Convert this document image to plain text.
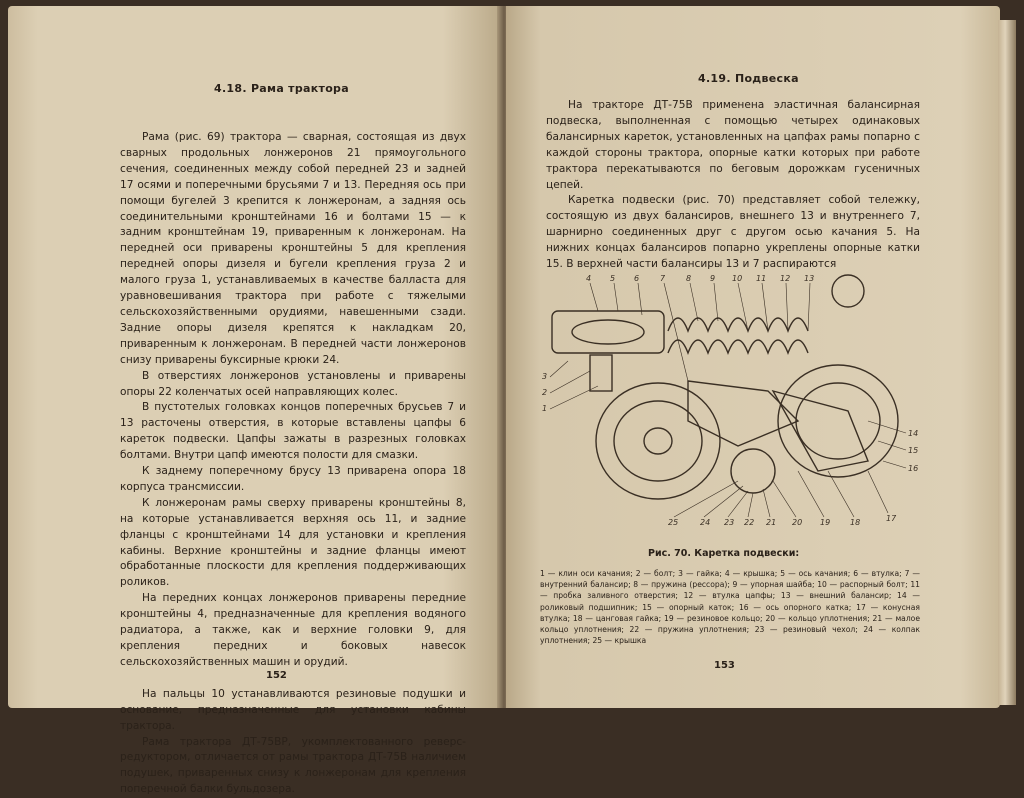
4.18. Рама трактора

Рама (рис. 69) трактора — сварная, состоящая из двух сварных продольных лонжеронов 21 прямоугольного сечения, соединенных между собой передней 23 и задней 17 осями и поперечными брусьями 7 и 13. Передняя ось при помощи бугелей 3 крепится к лонжеронам, а задняя ось соединительными кронштейнами 16 и болтами 15 — к задним кронштейнам 19, приваренным к лонжеронам. На передней оси приварены кронштейны 5 для крепления передней опоры дизеля и бугели крепления груза 2 и малого груза 1, устанавливаемых в качестве балласта для уравновешивания трактора при работе с тяжелыми сельскохозяйственными орудиями, навешенными сзади. Задние опоры дизеля крепятся к накладкам 20, приваренным к лонжеронам. В передней части лонжеронов снизу приварены буксирные крюки 24.

В отверстиях лонжеронов установлены и приварены опоры 22 коленчатых осей направляющих колес.

В пустотелых головках концов поперечных брусьев 7 и 13 расточены отверстия, в которые вставлены цапфы 6 кареток подвески. Цапфы зажаты в разрезных головках болтами. Внутри цапф имеются полости для смазки.

К заднему поперечному брусу 13 приварена опора 18 корпуса трансмиссии.

К лонжеронам рамы сверху приварены кронштейны 8, на которые устанавливается верхняя ось 11, и задние фланцы с кронштейнами 14 для установки и крепления кабины. Верхние кронштейны и задние фланцы имеют обработанные плоскости для крепления поддерживающих роликов.

На передних концах лонжеронов приварены передние кронштейны 4, предназначенные для крепления водяного радиатора, а также, как и верхние головки 9, для крепления передних и боковых навесок сельскохозяйственных машин и орудий.

На пальцы 10 устанавливаются резиновые подушки и основание, предназначенные для установки кабины трактора.

Рама трактора ДТ-75ВР, укомплектованного реверс-редуктором, отличается от рамы трактора ДТ-75В наличием подушек, приваренных снизу к лонжеронам для крепления поперечной балки бульдозера.

152
4.19. Подвеска

На тракторе ДТ-75В применена эластичная балансирная подвеска, выполненная с помощью четырех одинаковых балансирных кареток, установленных на цапфах рамы попарно с каждой стороны трактора, опорные катки которых при работе трактора перекатываются по беговым дорожкам гусеничных цепей.

Каретка подвески (рис. 70) представляет собой тележку, состоящую из двух балансиров, внешнего 13 и внутреннего 7, шарнирно соединенных друг с другом осью качания 5. На нижних концах балансиров попарно укреплены опорные катки 15. В верхней части балансиры 13 и 7 распираются

4 5 6	7	8 9 10 11 12 13
3
2
1
14
15
16
17
25	24 23 22 21 20 19 18
Рис. 70. Каретка подвески:
1 — клин оси качания; 2 — болт; 3 — гайка; 4 — крышка; 5 — ось качания; 6 — втулка; 7 — внутренний балансир; 8 — пружина (рессора); 9 — упорная шайба; 10 — распорный болт; 11 — пробка заливного отверстия; 12 — втулка цапфы; 13 — внешний балансир; 14 — роликовый подшипник; 15 — опорный каток; 16 — ось опорного катка; 17 — конусная втулка; 18 — цанговая гайка; 19 — резиновое кольцо; 20 — кольцо уплотнения; 21 — малое кольцо уплотнения; 22 — пружина уплотнения; 23 — резиновый чехол; 24 — колпак уплотнения; 25 — крышка
153
